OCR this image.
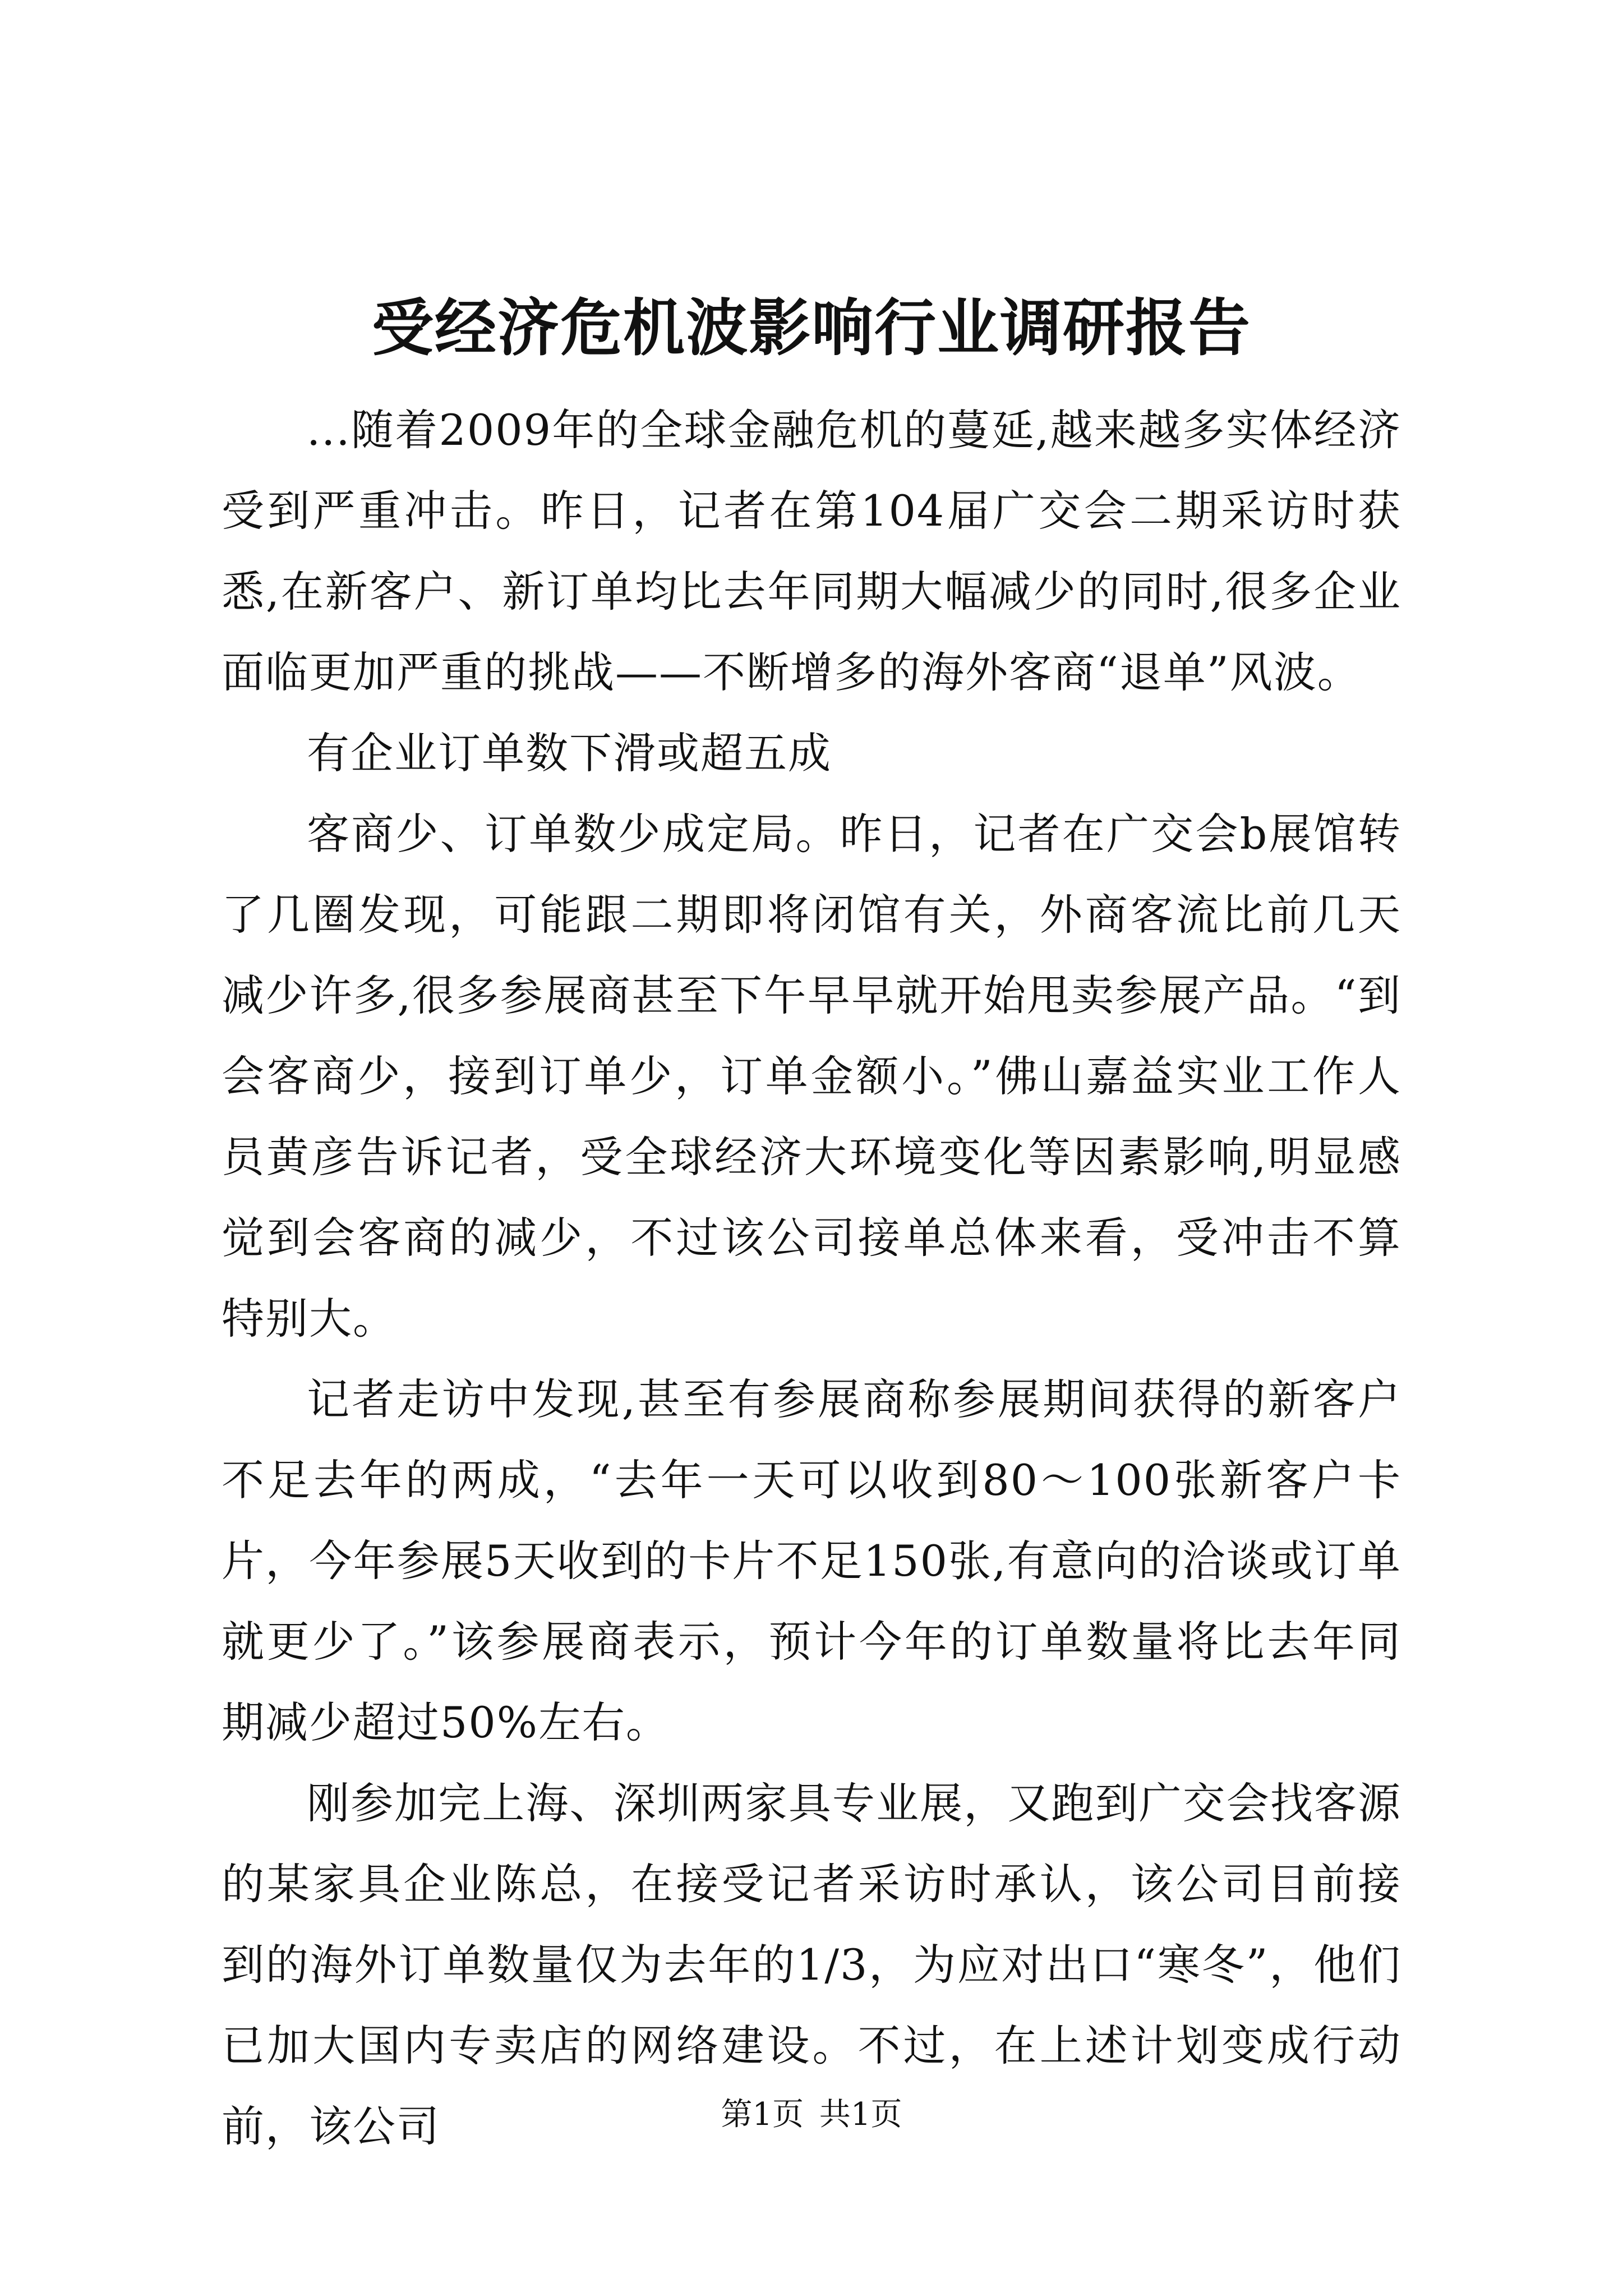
受经济危机波影响行业调研报告

...随着2009年的全球金融危机的蔓延,越来越多实体经济受到严重冲击。昨日，记者在第104届广交会二期采访时获悉,在新客户、新订单均比去年同期大幅减少的同时,很多企业面临更加严重的挑战——不断增多的海外客商“退单”风波。

有企业订单数下滑或超五成

客商少、订单数少成定局。昨日，记者在广交会b展馆转了几圈发现，可能跟二期即将闭馆有关，外商客流比前几天减少许多,很多参展商甚至下午早早就开始甩卖参展产品。“到会客商少，接到订单少，订单金额小。”佛山嘉益实业工作人员黄彦告诉记者，受全球经济大环境变化等因素影响,明显感觉到会客商的减少，不过该公司接单总体来看，受冲击不算特别大。

记者走访中发现,甚至有参展商称参展期间获得的新客户不足去年的两成，“去年一天可以收到80～100张新客户卡片，今年参展5天收到的卡片不足150张,有意向的洽谈或订单就更少了。”该参展商表示，预计今年的订单数量将比去年同期减少超过50%左右。

刚参加完上海、深圳两家具专业展，又跑到广交会找客源的某家具企业陈总，在接受记者采访时承认，该公司目前接到的海外订单数量仅为去年的1/3，为应对出口“寒冬”，他们已加大国内专卖店的网络建设。不过，在上述计划变成行动前，该公司	第1页 共1页
